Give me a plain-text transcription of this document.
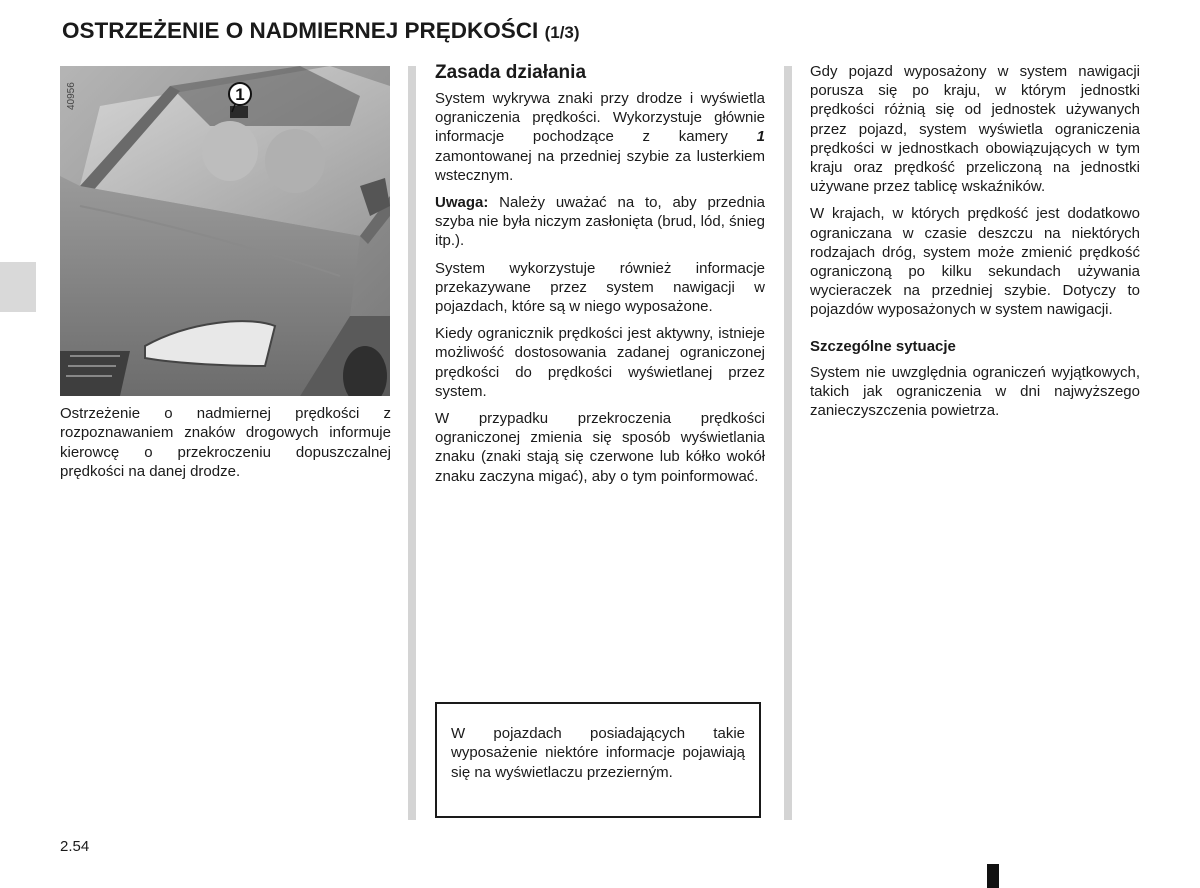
OSTRZEŻENIE O NADMIERNEJ PRĘDKOŚCI (1/3)
1
40956
Ostrzeżenie o nadmiernej prędkości z rozpoznawaniem znaków drogowych informuje kierowcę o przekroczeniu dopuszczalnej prędkości na danej drodze.
Zasada działania

System wykrywa znaki przy drodze i wyświetla ograniczenia prędkości. Wykorzystuje głównie informacje pochodzące z kamery 1 zamontowanej na przedniej szybie za lusterkiem wstecznym.

Uwaga: Należy uważać na to, aby przednia szyba nie była niczym zasłonięta (brud, lód, śnieg itp.).

System wykorzystuje również informacje przekazywane przez system nawigacji w pojazdach, które są w niego wyposażone.

Kiedy ogranicznik prędkości jest aktywny, istnieje możliwość dostosowania zadanej ograniczonej prędkości do prędkości wyświetlanej przez system.

W przypadku przekroczenia prędkości ograniczonej zmienia się sposób wyświetlania znaku (znaki stają się czerwone lub kółko wokół znaku zaczyna migać), aby o tym poinformować.

W pojazdach posiadających takie wyposażenie niektóre informacje pojawiają się na wyświetlaczu przezierným.

Gdy pojazd wyposażony w system nawigacji porusza się po kraju, w którym jednostki prędkości różnią się od jednostek używanych przez pojazd, system wyświetla ograniczenia prędkości w jednostkach obowiązujących w tym kraju oraz prędkość przeliczoną na jednostki używane przez tablicę wskaźników.

W krajach, w których prędkość jest dodatkowo ograniczana w czasie deszczu na niektórych rodzajach dróg, system może zmienić prędkość ograniczoną po kilku sekundach używania wycieraczek na przedniej szybie. Dotyczy to pojazdów wyposażonych w system nawigacji.

Szczególne sytuacje

System nie uwzględnia ograniczeń wyjątkowych, takich jak ograniczenia w dni najwyższego zanieczyszczenia powietrza.

2.54
